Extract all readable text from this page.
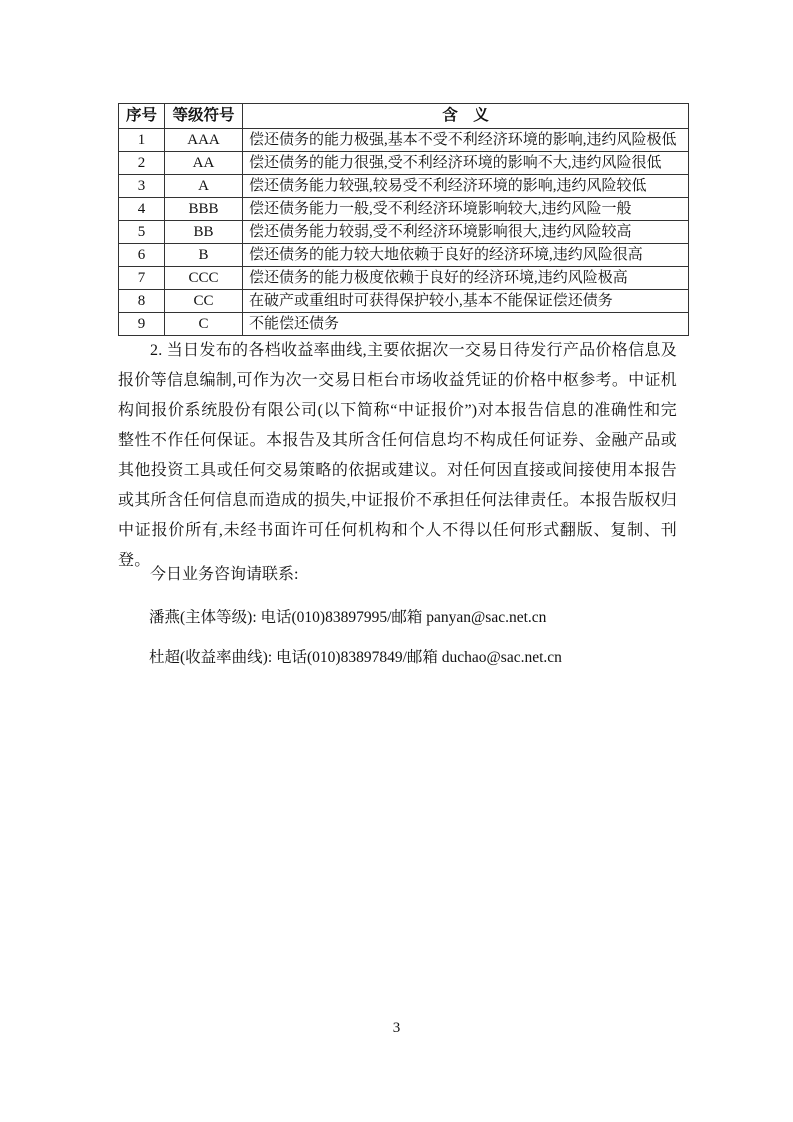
序号	等级符号	含　义
1	AAA	偿还债务的能力极强,基本不受不利经济环境的影响,违约风险极低
2	AA	偿还债务的能力很强,受不利经济环境的影响不大,违约风险很低
3	A	偿还债务能力较强,较易受不利经济环境的影响,违约风险较低
4	BBB	偿还债务能力一般,受不利经济环境影响较大,违约风险一般
5	BB	偿还债务能力较弱,受不利经济环境影响很大,违约风险较高
6	B	偿还债务的能力较大地依赖于良好的经济环境,违约风险很高
7	CCC	偿还债务的能力极度依赖于良好的经济环境,违约风险极高
8	CC	在破产或重组时可获得保护较小,基本不能保证偿还债务
9	C	不能偿还债务
2. 当日发布的各档收益率曲线,主要依据次一交易日待发行产品价格信息及报价等信息编制,可作为次一交易日柜台市场收益凭证的价格中枢参考。中证机构间报价系统股份有限公司(以下简称“中证报价”)对本报告信息的准确性和完整性不作任何保证。本报告及其所含任何信息均不构成任何证券、金融产品或其他投资工具或任何交易策略的依据或建议。对任何因直接或间接使用本报告或其所含任何信息而造成的损失,中证报价不承担任何法律责任。本报告版权归中证报价所有,未经书面许可任何机构和个人不得以任何形式翻版、复制、刊登。
今日业务咨询请联系:
潘燕(主体等级): 电话(010)83897995/邮箱 panyan@sac.net.cn
杜超(收益率曲线): 电话(010)83897849/邮箱 duchao@sac.net.cn
3
